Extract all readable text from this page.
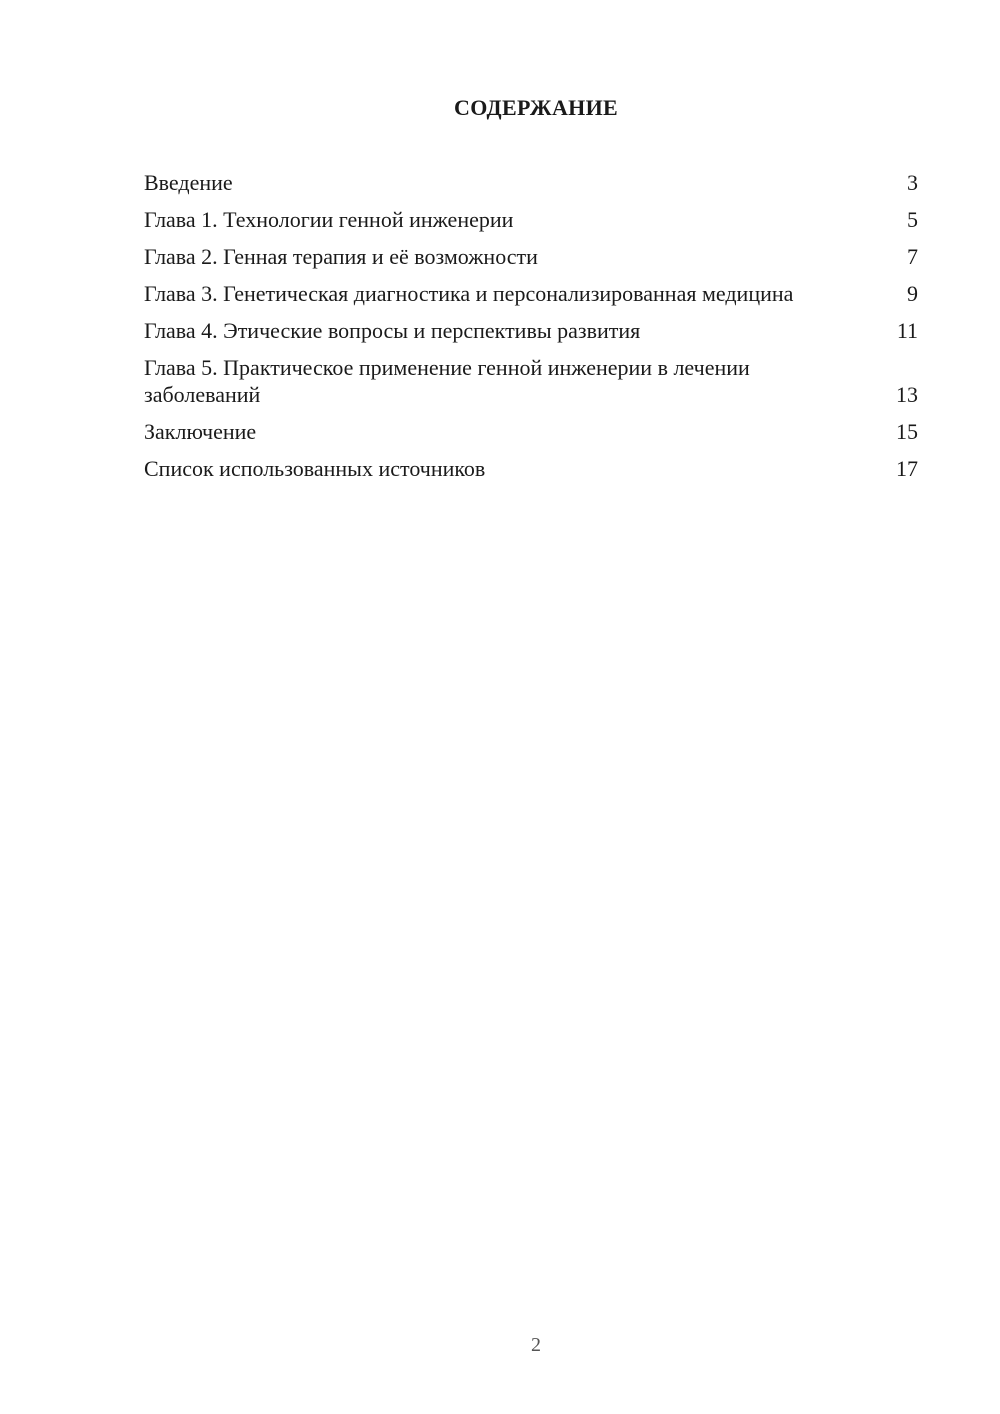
СОДЕРЖАНИЕ
Введение	3
Глава 1. Технологии генной инженерии	5
Глава 2. Генная терапия и её возможности	7
Глава 3. Генетическая диагностика и персонализированная медицина	9
Глава 4. Этические вопросы и перспективы развития	11
Глава 5. Практическое применение генной инженерии в лечении заболеваний	13
Заключение	15
Список использованных источников	17
2
